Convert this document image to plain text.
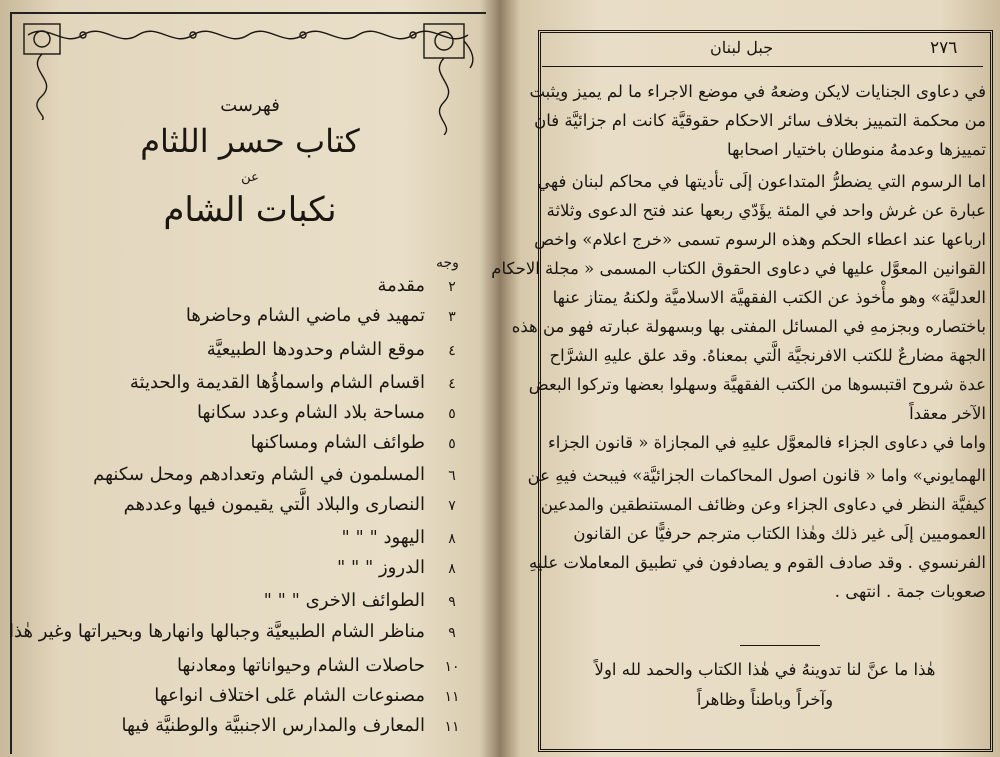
فهرست
كتاب حسر اللثام
عن
نكبات الشام
وجه
٢
مقدمة
٣
تمهيد في ماضي الشام وحاضرها
٤
موقع الشام وحدودها الطبيعيَّة
٤
اقسام الشام واسماؤُها القديمة والحديثة
٥
مساحة بلاد الشام وعدد سكانها
٥
طوائف الشام ومساكنها
٦
المسلمون في الشام وتعدادهم ومحل سكنهم
٧
النصارى والبلاد الَّتي يقيمون فيها وعددهم
٨
اليهود " " "
٨
الدروز " " "
٩
الطوائف الاخرى " " "
٩
مناظر الشام الطبيعيَّة وجبالها وانهارها وبحيراتها وغير هٰذا
١٠
حاصلات الشام وحيواناتها ومعادنها
١١
مصنوعات الشام عَلى اختلاف انواعها
١١
المعارف والمدارس الاجنبيَّة والوطنيَّة فيها
جبل لبنان	٢٧٦
في دعاوى الجنايات لايكن وضعهُ في موضع الاجراء ما لم يميز ويثبت
من محكمة التمييز بخلاف سائر الاحكام حقوقيَّة كانت ام جزائيَّة فان
تمييزها وعدمهُ منوطان باختيار اصحابها
اما الرسوم التي يضطرُّ المتداعون إلَى تأديتها في محاكم لبنان فهي
عبارة عن غرش واحد في المئة يؤَدّي ربعها عند فتح الدعوى وثلاثة
ارباعها عند اعطاء الحكم وهذه الرسوم تسمى «خرج اعلام» واخص
القوانين المعوَّل عليها في دعاوى الحقوق الكتاب المسمى « مجلة الاحكام
العدليَّة» وهو مأْخوذ عن الكتب الفقهيَّة الاسلاميَّة ولكنهُ يمتاز عنها
باختصاره وبجزمهِ في المسائل المفتى بها وبسهولة عبارته فهو من هذه
الجهة مضارعٌ للكتب الافرنجيَّة الَّتي بمعناهُ. وقد علق عليهِ الشرَّاح
عدة شروح اقتبسوها من الكتب الفقهيَّة وسهلوا بعضها وتركوا البعض
الآخر معقداً
واما في دعاوى الجزاء فالمعوَّل عليهِ في المجازاة « قانون الجزاء
الهمايوني» واما « قانون اصول المحاكمات الجزائيَّة» فيبحث فيهِ عن
كيفيَّة النظر في دعاوى الجزاء وعن وظائف المستنطقين والمدعين
العموميين إلَى غير ذلك وهٰذا الكتاب مترجم حرفيًّا عن القانون
الفرنسوي . وقد صادف القوم و يصادفون في تطبيق المعاملات عليهِ
صعوبات جمة . انتهى .
هٰذا ما عنَّ لنا تدوينهُ في هٰذا الكتاب والحمد لله اولاً
وآخراً وباطناً وظاهراً
